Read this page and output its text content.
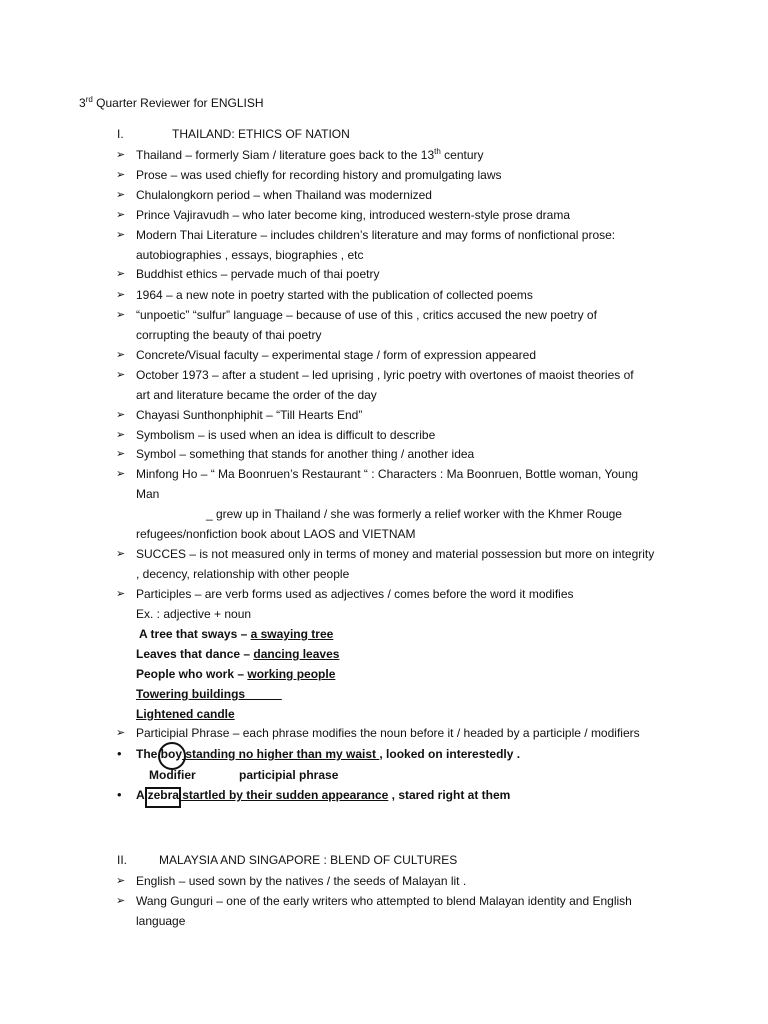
3rd Quarter Reviewer for ENGLISH
I.	THAILAND: ETHICS OF NATION
➢
➢
➢
➢
➢
➢
➢
➢
➢
➢
➢
➢
➢
➢
➢
➢
➢
•
•
➢
➢
Thailand – formerly Siam / literature goes back to the 13th century
Prose – was used chiefly for recording history and promulgating laws
Chulalongkorn period – when Thailand was modernized
Prince Vajiravudh – who later become king, introduced western-style prose drama
Modern Thai Literature – includes children’s literature and may forms of nonfictional prose:
autobiographies , essays, biographies , etc
Buddhist ethics – pervade much of thai poetry
1964 – a new note in poetry started with the publication of collected poems
“unpoetic” “sulfur” language – because of use of this , critics accused the new poetry of
corrupting the beauty of thai poetry
Concrete/Visual faculty – experimental stage / form of expression appeared
October 1973 – after a student – led uprising , lyric poetry with overtones of maoist theories of
art and literature became the order of the day
Chayasi Sunthonphiphit – “Till Hearts End”
Symbolism – is used when an idea is difficult to describe
Symbol – something that stands for another thing / another idea
Minfong Ho – “ Ma Boonruen’s Restaurant “ : Characters : Ma Boonruen, Bottle woman, Young
Man
_ grew up in Thailand / she was formerly a relief worker with the Khmer Rouge
refugees/nonfiction book about LAOS and VIETNAM
SUCCES – is not measured only in terms of money and material possession but more on integrity
, decency, relationship with other people
Participles – are verb forms used as adjectives / comes before the word it modifies
Ex. : adjective + noun
A tree that sways – a swaying tree
Leaves that dance – dancing leaves
People who work – working people
Towering buildings
Lightened candle
Participial Phrase – each phrase modifies the noun before it / headed by a participle / modifiers
The boy standing no higher than my waist , looked on interestedly .
Modifier	participial phrase
A zebra startled by their sudden appearance , stared right at them
II.	MALAYSIA AND SINGAPORE : BLEND OF CULTURES
English – used sown by the natives / the seeds of Malayan lit .
Wang Gunguri – one of the early writers who attempted to blend Malayan identity and English
language
